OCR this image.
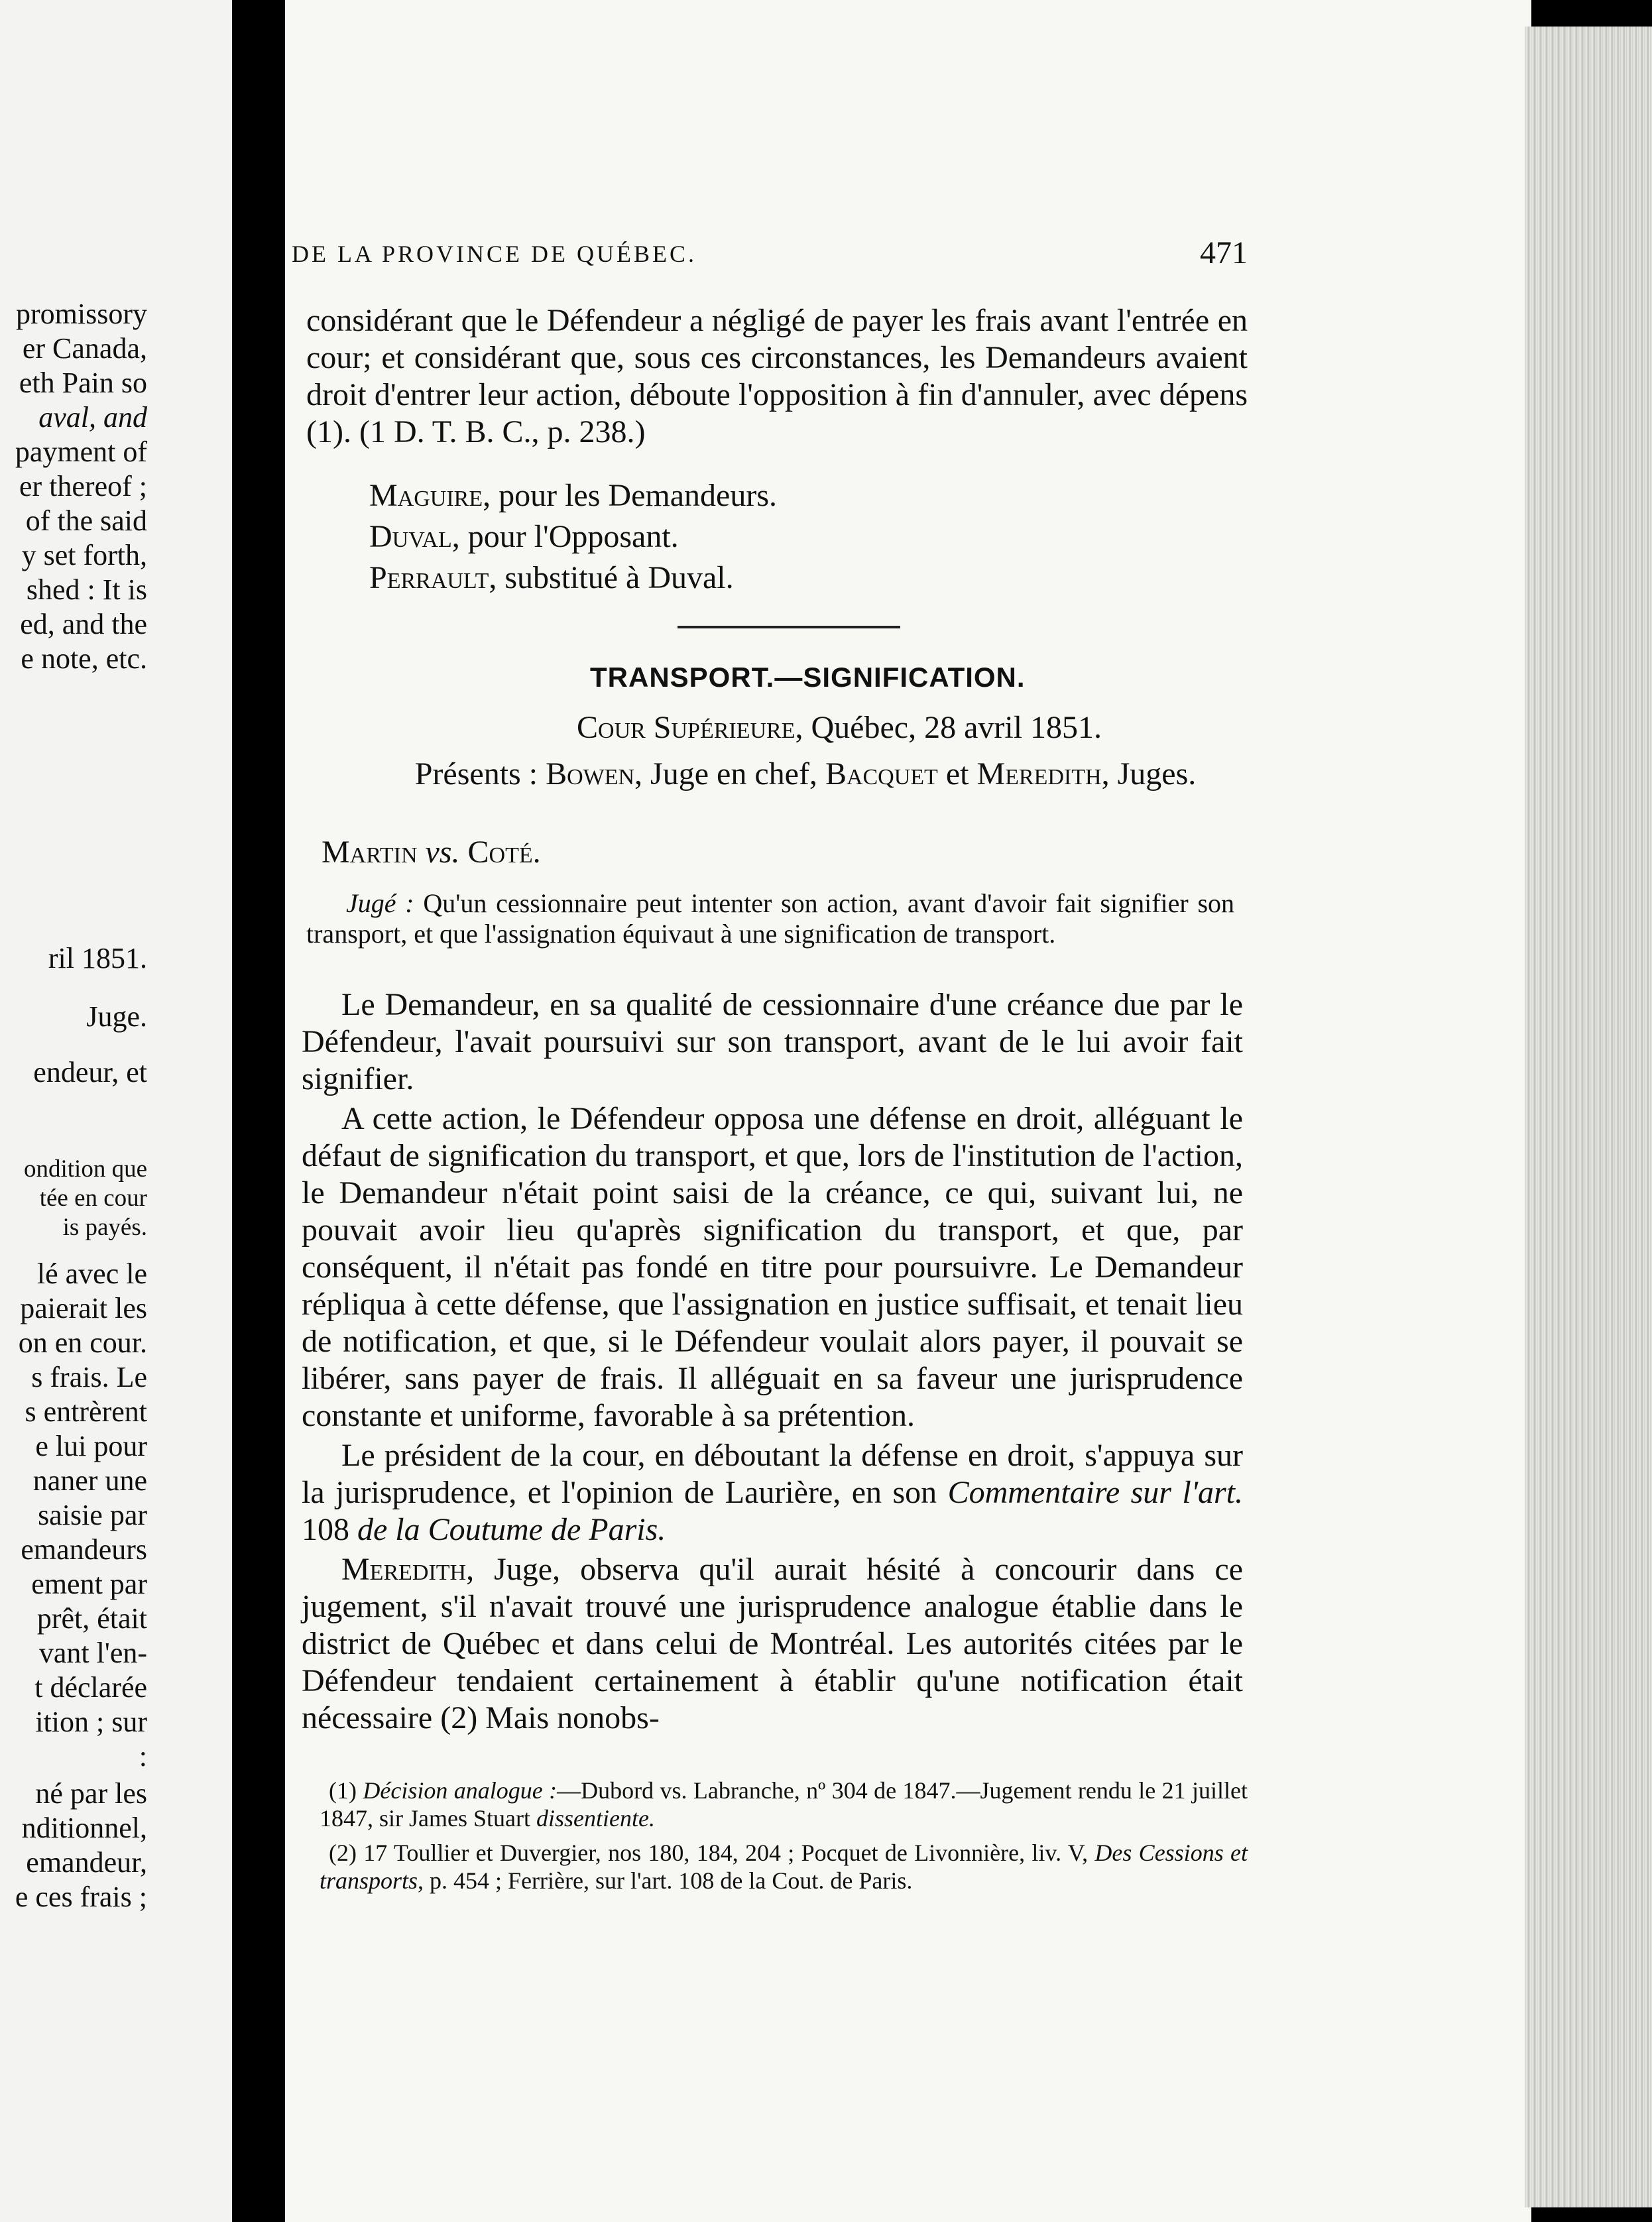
promissory
er Canada,
eth Pain so
aval, and
payment of
er thereof ;
of the said
y set forth,
shed : It is
ed, and the
e note, etc.
ril 1851.
Juge.
endeur, et
ondition que
tée en cour
is payés.
lé avec le
paierait les
on en cour.
s frais. Le
s entrèrent
e lui pour
naner une
saisie par
emandeurs
ement par
prêt, était
vant l'en-
t déclarée
ition ; sur
:
né par les
nditionnel,
emandeur,
e ces frais ;
DE LA PROVINCE DE QUÉBEC.	471
considérant que le Défendeur a négligé de payer les frais avant l'entrée en cour; et considérant que, sous ces circonstances, les Demandeurs avaient droit d'entrer leur action, déboute l'opposition à fin d'annuler, avec dépens (1). (1 D. T. B. C., p. 238.)
Maguire, pour les Demandeurs.
Duval, pour l'Opposant.
Perrault, substitué à Duval.
TRANSPORT.—SIGNIFICATION.
Cour Supérieure, Québec, 28 avril 1851.
Présents : Bowen, Juge en chef, Bacquet et Meredith, Juges.
Martin vs. Coté.
Jugé : Qu'un cessionnaire peut intenter son action, avant d'avoir fait signifier son transport, et que l'assignation équivaut à une signification de transport.

Le Demandeur, en sa qualité de cessionnaire d'une créance due par le Défendeur, l'avait poursuivi sur son transport, avant de le lui avoir fait signifier.

A cette action, le Défendeur opposa une défense en droit, alléguant le défaut de signification du transport, et que, lors de l'institution de l'action, le Demandeur n'était point saisi de la créance, ce qui, suivant lui, ne pouvait avoir lieu qu'après signification du transport, et que, par conséquent, il n'était pas fondé en titre pour poursuivre. Le Demandeur répliqua à cette défense, que l'assignation en justice suffisait, et tenait lieu de notification, et que, si le Défendeur voulait alors payer, il pouvait se libérer, sans payer de frais. Il alléguait en sa faveur une jurisprudence constante et uniforme, favorable à sa prétention.

Le président de la cour, en déboutant la défense en droit, s'appuya sur la jurisprudence, et l'opinion de Laurière, en son Commentaire sur l'art. 108 de la Coutume de Paris.

Meredith, Juge, observa qu'il aurait hésité à concourir dans ce jugement, s'il n'avait trouvé une jurisprudence analogue établie dans le district de Québec et dans celui de Montréal. Les autorités citées par le Défendeur tendaient certainement à établir qu'une notification était nécessaire (2) Mais nonobs-

(1) Décision analogue :—Dubord vs. Labranche, nº 304 de 1847.—Jugement rendu le 21 juillet 1847, sir James Stuart dissentiente.

(2) 17 Toullier et Duvergier, nos 180, 184, 204 ; Pocquet de Livonnière, liv. V, Des Cessions et transports, p. 454 ; Ferrière, sur l'art. 108 de la Cout. de Paris.
